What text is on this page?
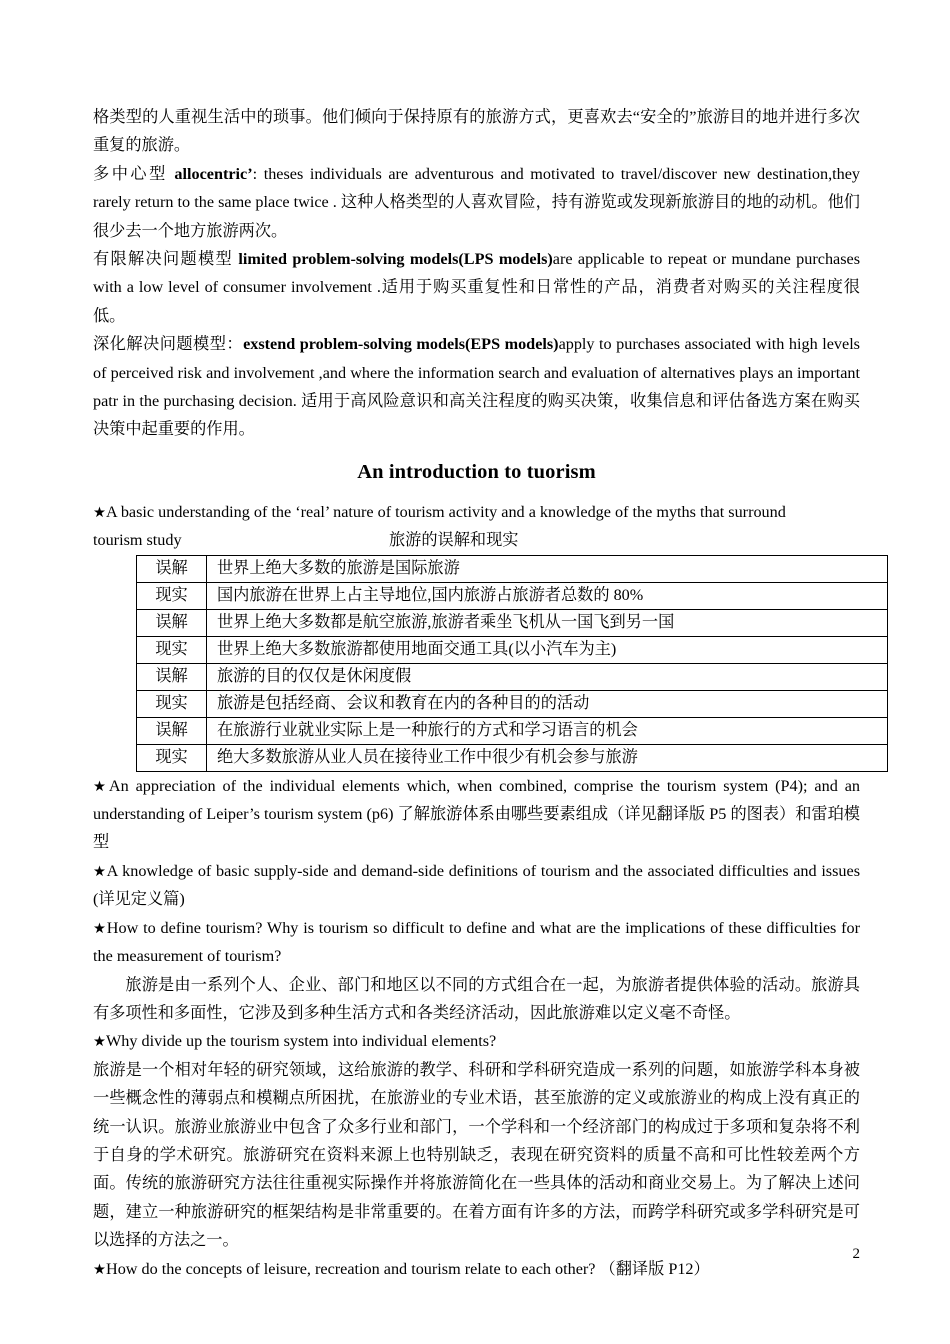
格类型的人重视生活中的琐事。他们倾向于保持原有的旅游方式，更喜欢去“安全的”旅游目的地并进行多次重复的旅游。

多中心型 allocentric’: theses individuals are adventurous and motivated to travel/discover new destination,they rarely return to the same place twice . 这种人格类型的人喜欢冒险，持有游览或发现新旅游目的地的动机。他们很少去一个地方旅游两次。

有限解决问题模型 limited problem-solving models(LPS models)are applicable to repeat or mundane purchases with a low level of consumer involvement .适用于购买重复性和日常性的产品，消费者对购买的关注程度很低。

深化解决问题模型：exstend problem-solving models(EPS models)apply to purchases associated with high levels of perceived risk and involvement ,and where the information search and evaluation of alternatives plays an important patr in the purchasing decision. 适用于高风险意识和高关注程度的购买决策，收集信息和评估备选方案在购买决策中起重要的作用。

An introduction to tuorism

★A basic understanding of the ‘real’ nature of tourism activity and a knowledge of the myths that surround

tourism study	旅游的误解和现实
误解	世界上绝大多数的旅游是国际旅游
现实	国内旅游在世界上占主导地位,国内旅游占旅游者总数的 80%
误解	世界上绝大多数都是航空旅游,旅游者乘坐飞机从一国飞到另一国
现实	世界上绝大多数旅游都使用地面交通工具(以小汽车为主)
误解	旅游的目的仅仅是休闲度假
现实	旅游是包括经商、会议和教育在内的各种目的的活动
误解	在旅游行业就业实际上是一种旅行的方式和学习语言的机会
现实	绝大多数旅游从业人员在接待业工作中很少有机会参与旅游

★An appreciation of the individual elements which, when combined, comprise the tourism system (P4); and an understanding of Leiper’s tourism system (p6) 了解旅游体系由哪些要素组成（详见翻译版 P5 的图表）和雷珀模型

★A knowledge of basic supply-side and demand-side definitions of tourism and the associated difficulties and issues (详见定义篇)

★How to define tourism? Why is tourism so difficult to define and what are the implications of these difficulties for the measurement of tourism?

旅游是由一系列个人、企业、部门和地区以不同的方式组合在一起，为旅游者提供体验的活动。旅游具有多项性和多面性，它涉及到多种生活方式和各类经济活动，因此旅游难以定义毫不奇怪。

★Why divide up the tourism system into individual elements?

旅游是一个相对年轻的研究领域，这给旅游的教学、科研和学科研究造成一系列的问题，如旅游学科本身被一些概念性的薄弱点和模糊点所困扰，在旅游业的专业术语，甚至旅游的定义或旅游业的构成上没有真正的统一认识。旅游业旅游业中包含了众多行业和部门，一个学科和一个经济部门的构成过于多项和复杂将不利于自身的学术研究。旅游研究在资料来源上也特别缺乏，表现在研究资料的质量不高和可比性较差两个方面。传统的旅游研究方法往往重视实际操作并将旅游简化在一些具体的活动和商业交易上。为了解决上述问题，建立一种旅游研究的框架结构是非常重要的。在着方面有许多的方法，而跨学科研究或多学科研究是可以选择的方法之一。

★How do the concepts of leisure, recreation and tourism relate to each other? （翻译版 P12）

2
